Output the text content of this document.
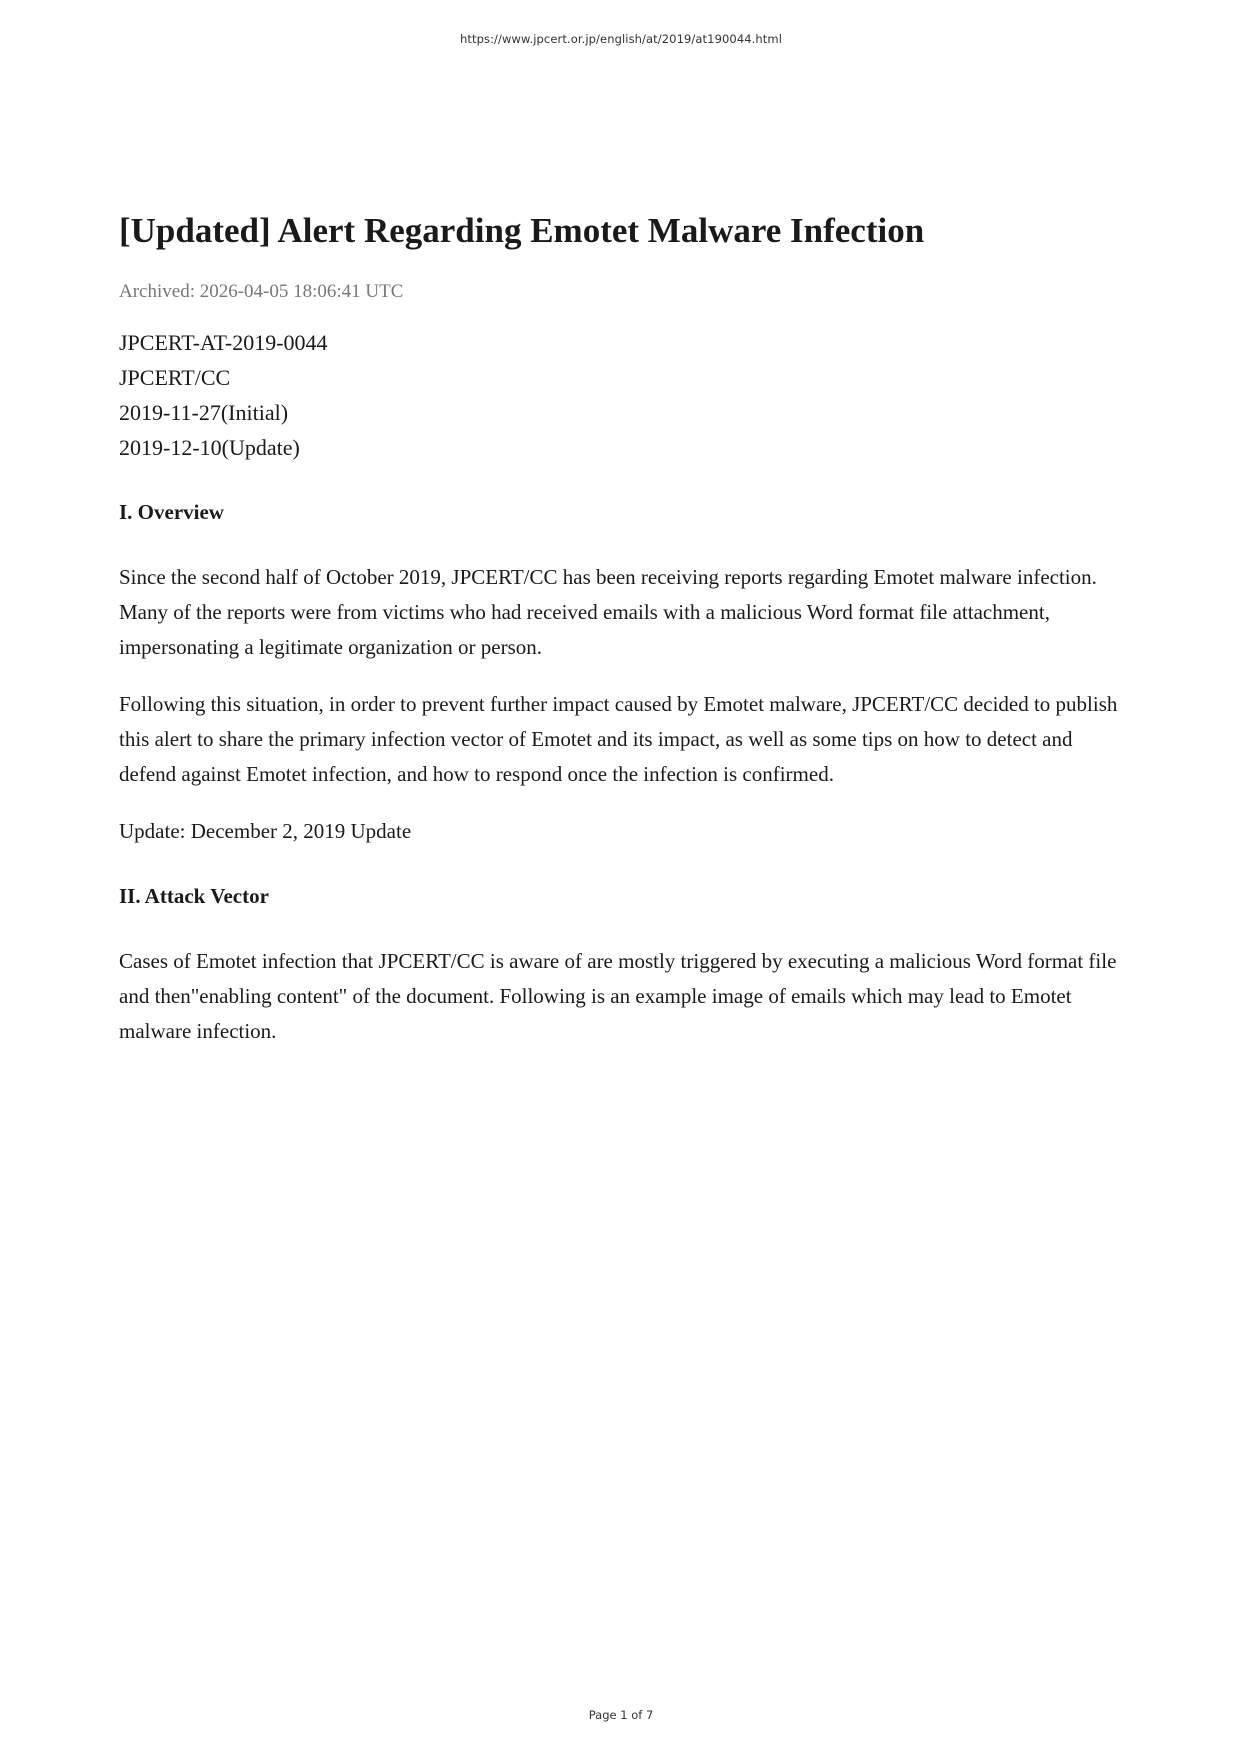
https://www.jpcert.or.jp/english/at/2019/at190044.html
[Updated] Alert Regarding Emotet Malware Infection
Archived: 2026-04-05 18:06:41 UTC
JPCERT-AT-2019-0044
JPCERT/CC
2019-11-27(Initial)
2019-12-10(Update)
I. Overview

Since the second half of October 2019, JPCERT/CC has been receiving reports regarding Emotet malware infection. Many of the reports were from victims who had received emails with a malicious Word format file attachment, impersonating a legitimate organization or person.

Following this situation, in order to prevent further impact caused by Emotet malware, JPCERT/CC decided to publish this alert to share the primary infection vector of Emotet and its impact, as well as some tips on how to detect and defend against Emotet infection, and how to respond once the infection is confirmed.

Update: December 2, 2019 Update
II. Attack Vector

Cases of Emotet infection that JPCERT/CC is aware of are mostly triggered by executing a malicious Word format file and then"enabling content" of the document. Following is an example image of emails which may lead to Emotet malware infection.

Page 1 of 7
